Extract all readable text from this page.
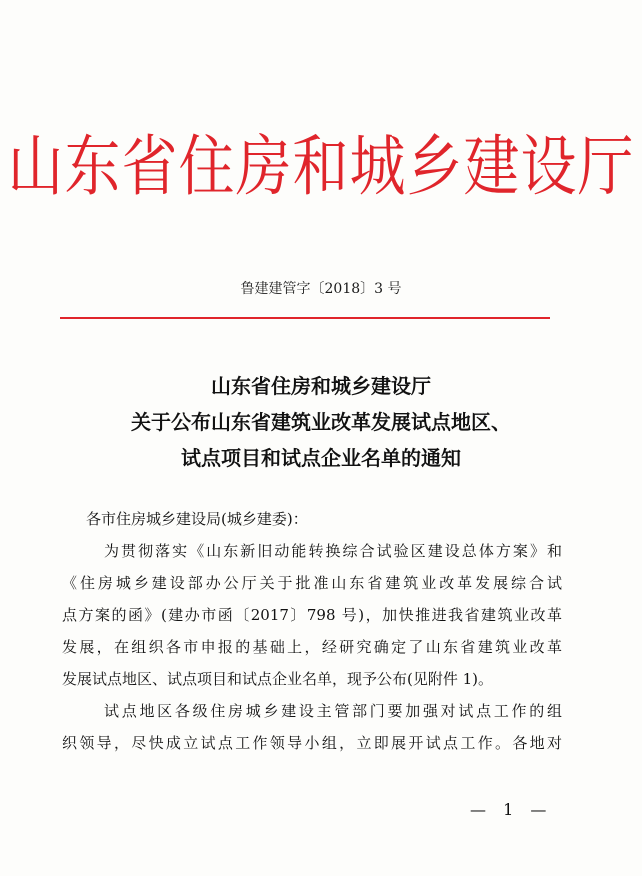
山东省住房和城乡建设厅
鲁建建管字〔2018〕3 号
山东省住房和城乡建设厅
关于公布山东省建筑业改革发展试点地区、
试点项目和试点企业名单的通知
各市住房城乡建设局(城乡建委)：
为贯彻落实《山东新旧动能转换综合试验区建设总体方案》和
《住房城乡建设部办公厅关于批准山东省建筑业改革发展综合试
点方案的函》(建办市函〔2017〕798 号)，加快推进我省建筑业改革
发展，在组织各市申报的基础上，经研究确定了山东省建筑业改革
发展试点地区、试点项目和试点企业名单，现予公布(见附件 1)。
试点地区各级住房城乡建设主管部门要加强对试点工作的组
织领导，尽快成立试点工作领导小组，立即展开试点工作。各地对
— 1 —
